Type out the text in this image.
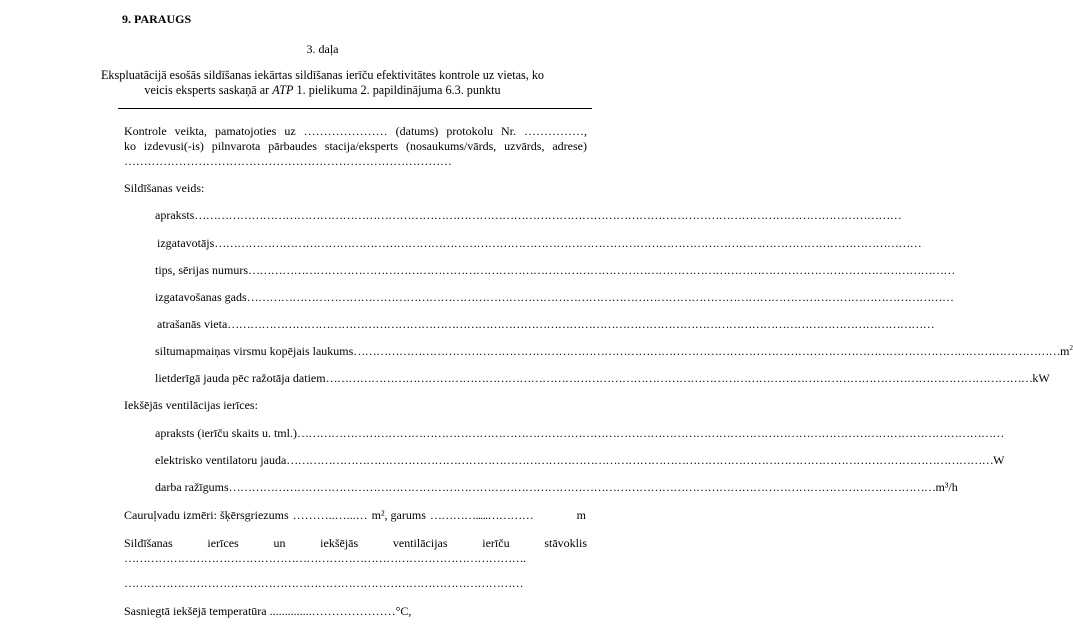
9. PARAUGS
3. daļa
Ekspluatācijā esošās sildīšanas iekārtas sildīšanas ierīču efektivitātes kontrole uz vietas, ko
veicis eksperts saskaņā ar ATP 1. pielikuma 2. papildinājuma 6.3. punktu
Kontrole veikta, pamatojoties uz ………………… (datums) protokolu Nr. ……………,
ko izdevusi(-is) pilnvarota pārbaudes stacija/eksperts (nosaukums/vārds, uzvārds, adrese)
…………………………………………………………………………
Sildīšanas veids:
apraksts ……………………………………………………………………………………………………………………………………………………………………
izgatavotājs ……………………………………………………………………………………………………………………………………………………………………
tips, sērijas numurs ……………………………………………………………………………………………………………………………………………………………………
izgatavošanas gads ……………………………………………………………………………………………………………………………………………………………………
atrašanās vieta ……………………………………………………………………………………………………………………………………………………………………
siltumapmaiņas virsmu kopējais laukums …………………………………………………………………………………………………………………………………………………………………… $m^2$
lietderīgā jauda pēc ražotāja datiem …………………………………………………………………………………………………………………………………………………………………… kW
Iekšējās ventilācijas ierīces:
apraksts (ierīču skaits u. tml.) ……………………………………………………………………………………………………………………………………………………………………
elektrisko ventilatoru jauda …………………………………………………………………………………………………………………………………………………………………… W
darba ražīgums …………………………………………………………………………………………………………………………………………………………………… m³/h
Cauruļvadu izmēri: šķērsgriezums ………..…...… m², garums ………….....…………	m
Sildīšanas ierīces un iekšējās ventilācijas ierīču stāvoklis
…………………………………………………………………………………………….
……………………………………………………………………………………………
Sasniegtā iekšējā temperatūra ..............…………………°C,
